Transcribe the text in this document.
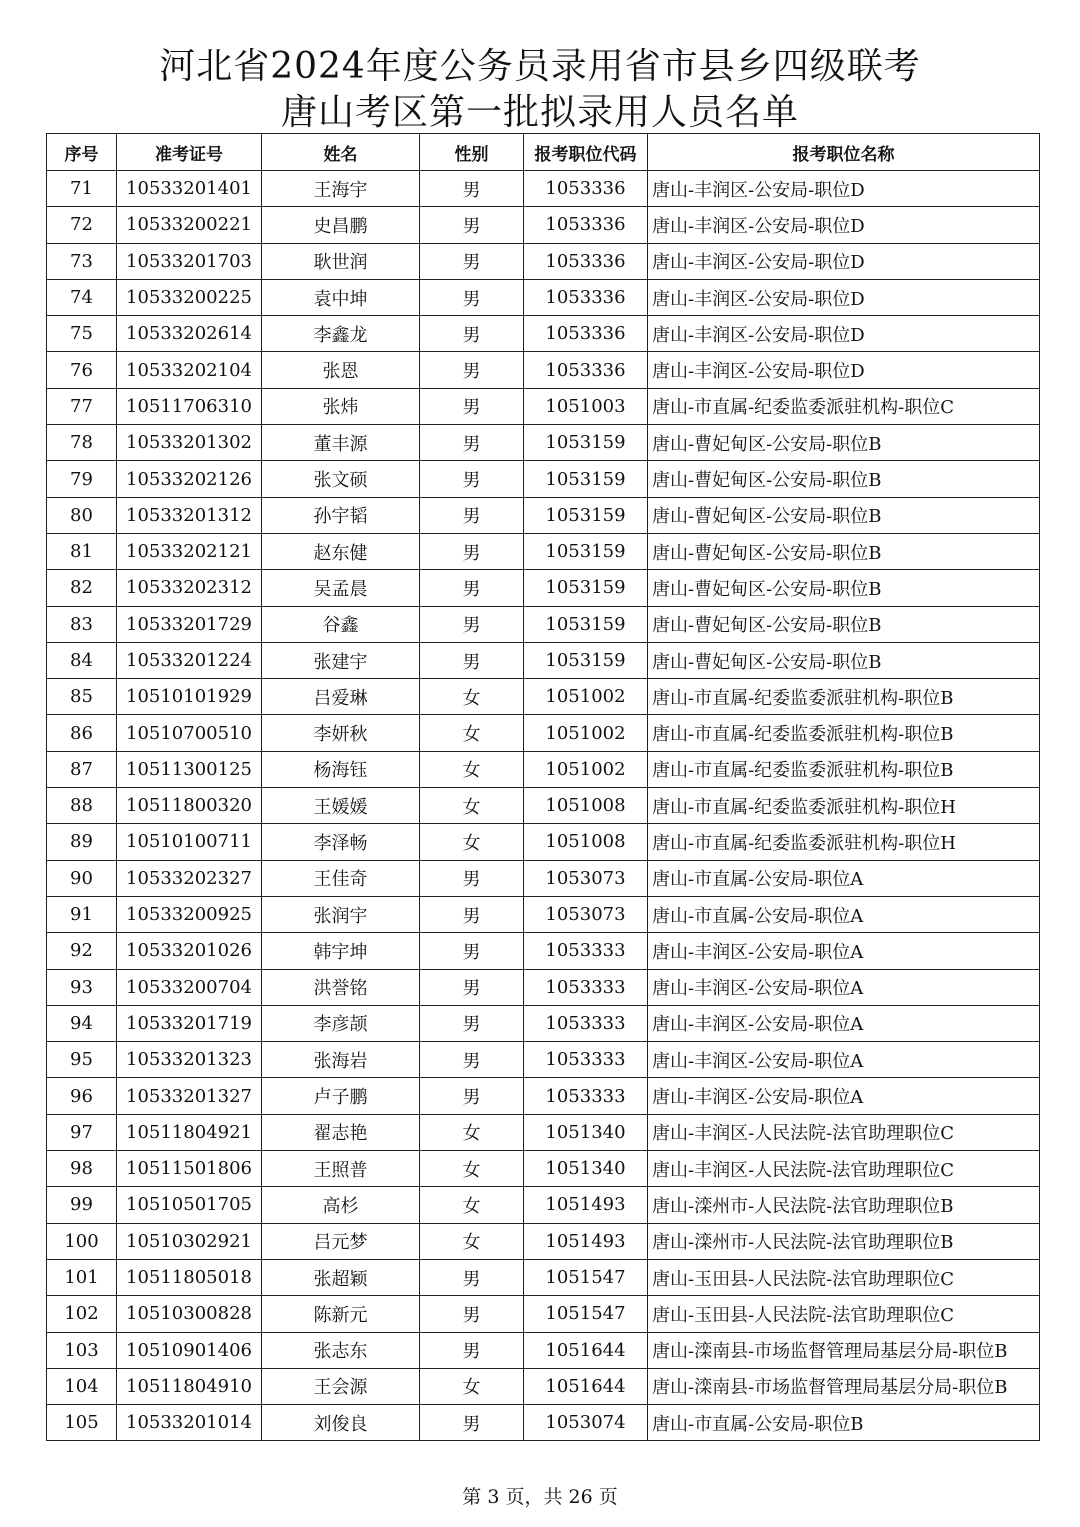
河北省2024年度公务员录用省市县乡四级联考
唐山考区第一批拟录用人员名单
序号	准考证号	姓名	性别	报考职位代码	报考职位名称
71	10533201401	王海宇	男	1053336	唐山-丰润区-公安局-职位D
72	10533200221	史昌鹏	男	1053336	唐山-丰润区-公安局-职位D
73	10533201703	耿世润	男	1053336	唐山-丰润区-公安局-职位D
74	10533200225	袁中坤	男	1053336	唐山-丰润区-公安局-职位D
75	10533202614	李鑫龙	男	1053336	唐山-丰润区-公安局-职位D
76	10533202104	张恩	男	1053336	唐山-丰润区-公安局-职位D
77	10511706310	张炜	男	1051003	唐山-市直属-纪委监委派驻机构-职位C
78	10533201302	董丰源	男	1053159	唐山-曹妃甸区-公安局-职位B
79	10533202126	张文硕	男	1053159	唐山-曹妃甸区-公安局-职位B
80	10533201312	孙宇韬	男	1053159	唐山-曹妃甸区-公安局-职位B
81	10533202121	赵东健	男	1053159	唐山-曹妃甸区-公安局-职位B
82	10533202312	吴孟晨	男	1053159	唐山-曹妃甸区-公安局-职位B
83	10533201729	谷鑫	男	1053159	唐山-曹妃甸区-公安局-职位B
84	10533201224	张建宇	男	1053159	唐山-曹妃甸区-公安局-职位B
85	10510101929	吕爱琳	女	1051002	唐山-市直属-纪委监委派驻机构-职位B
86	10510700510	李妍秋	女	1051002	唐山-市直属-纪委监委派驻机构-职位B
87	10511300125	杨海钰	女	1051002	唐山-市直属-纪委监委派驻机构-职位B
88	10511800320	王媛媛	女	1051008	唐山-市直属-纪委监委派驻机构-职位H
89	10510100711	李泽畅	女	1051008	唐山-市直属-纪委监委派驻机构-职位H
90	10533202327	王佳奇	男	1053073	唐山-市直属-公安局-职位A
91	10533200925	张润宇	男	1053073	唐山-市直属-公安局-职位A
92	10533201026	韩宇坤	男	1053333	唐山-丰润区-公安局-职位A
93	10533200704	洪誉铭	男	1053333	唐山-丰润区-公安局-职位A
94	10533201719	李彦颉	男	1053333	唐山-丰润区-公安局-职位A
95	10533201323	张海岩	男	1053333	唐山-丰润区-公安局-职位A
96	10533201327	卢子鹏	男	1053333	唐山-丰润区-公安局-职位A
97	10511804921	翟志艳	女	1051340	唐山-丰润区-人民法院-法官助理职位C
98	10511501806	王照普	女	1051340	唐山-丰润区-人民法院-法官助理职位C
99	10510501705	高杉	女	1051493	唐山-滦州市-人民法院-法官助理职位B
100	10510302921	吕元梦	女	1051493	唐山-滦州市-人民法院-法官助理职位B
101	10511805018	张超颖	男	1051547	唐山-玉田县-人民法院-法官助理职位C
102	10510300828	陈新元	男	1051547	唐山-玉田县-人民法院-法官助理职位C
103	10510901406	张志东	男	1051644	唐山-滦南县-市场监督管理局基层分局-职位B
104	10511804910	王会源	女	1051644	唐山-滦南县-市场监督管理局基层分局-职位B
105	10533201014	刘俊良	男	1053074	唐山-市直属-公安局-职位B
第 3 页，共 26 页
